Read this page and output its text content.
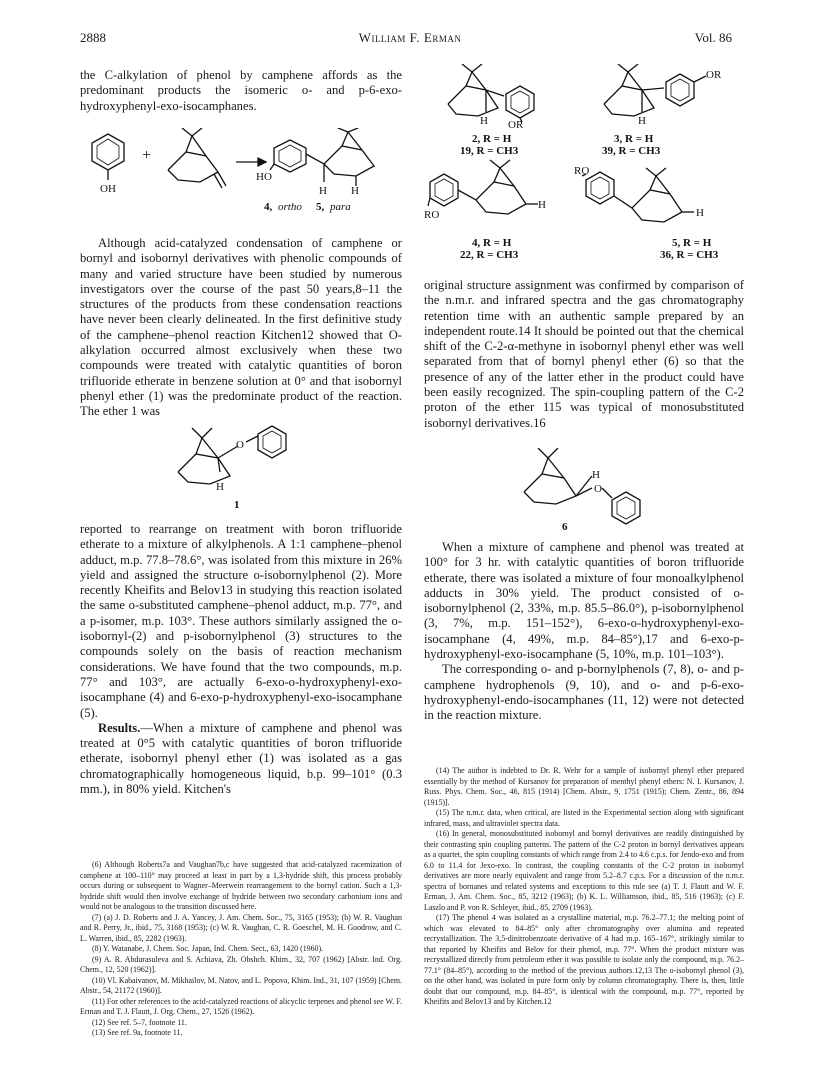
2888	William F. Erman	Vol. 86

the C-alkylation of phenol by camphene affords as the predominant products the isomeric o- and p-6-exo-hydroxyphenyl-exo-isocamphanes.

OH
+
HO
H H
4, ortho 5, para

Although acid-catalyzed condensation of camphene or bornyl and isobornyl derivatives with phenolic compounds of many and varied structure have been studied by numerous investigators over the course of the past 50 years,8–11 the structures of the products from these condensation reactions have never been clearly delineated. In the first definitive study of the camphene–phenol reaction Kitchen12 showed that O-alkylation occurred almost exclusively when these two compounds were treated with catalytic quantities of boron trifluoride etherate in benzene solution at 0° and that isobornyl phenyl ether (1) was the predominate product of the reaction. The ether 1 was

O
H
1

reported to rearrange on treatment with boron trifluoride etherate to a mixture of alkylphenols. A 1:1 camphene–phenol adduct, m.p. 77.8–78.6°, was isolated from this mixture in 26% yield and assigned the structure o-isobornylphenol (2). More recently Kheifits and Belov13 in studying this reaction isolated the same o-substituted camphene–phenol adduct, m.p. 77°, and a p-isomer, m.p. 103°. These authors similarly assigned the o-isobornyl-(2) and p-isobornylphenol (3) structures to the compounds solely on the basis of reaction mechanism considerations. We have found that the two compounds, m.p. 77° and 103°, are actually 6-exo-o-hydroxyphenyl-exo-isocamphane (4) and 6-exo-p-hydroxyphenyl-exo-isocamphane (5).

Results.—When a mixture of camphene and phenol was treated at 0°5 with catalytic quantities of boron trifluoride etherate, isobornyl phenyl ether (1) was isolated as a gas chromatographically homogeneous liquid, b.p. 99–101° (0.3 mm.), in 80% yield. Kitchen's

(6) Although Roberts7a and Vaughan7b,c have suggested that acid-catalyzed racemization of camphene at 100–110° may proceed at least in part by a 1,3-hydride shift, this process probably occurs during or subsequent to Wagner–Meerwein rearrangement to the bornyl cation. Such a 1,3-hydride shift would then involve exchange of hydride between two secondary carbonium ions and would not be analogous to the transition discussed here.

(7) (a) J. D. Roberts and J. A. Yancey, J. Am. Chem. Soc., 75, 3165 (1953); (b) W. R. Vaughan and R. Perry, Jr., ibid., 75, 3168 (1953); (c) W. R. Vaughan, C. R. Goeschel, M. H. Goodrow, and C. L. Warren, ibid., 85, 2282 (1963).

(8) Y. Watanabe, J. Chem. Soc. Japan, Ind. Chem. Sect., 63, 1420 (1960).

(9) A. R. Abdurasuleva and S. Achiava, Zh. Obshch. Khim., 32, 707 (1962) [Abstr. Ind. Org. Chem., 12, 520 (1962)].

(10) Vl. Kabaivanov, M. Mikhailov, M. Natov, and L. Popova, Khim. Ind., 31, 107 (1959) [Chem. Abstr., 54, 21172 (1960)].

(11) For other references to the acid-catalyzed reactions of alicyclic terpenes and phenol see W. F. Erman and T. J. Flautt, J. Org. Chem., 27, 1526 (1962).

(12) See ref. 5–7, footnote 11.

(13) See ref. 9a, footnote 11.

H OR
2, R = H
19, R = CH3
OR
H
3, R = H
39, R = CH3
RO
H
4, R = H
22, R = CH3
RO
H
5, R = H
36, R = CH3

original structure assignment was confirmed by comparison of the n.m.r. and infrared spectra and the gas chromatography retention time with an authentic sample prepared by an independent route.14 It should be pointed out that the chemical shift of the C-2-α-methyne in isobornyl phenyl ether was well separated from that of bornyl phenyl ether (6) so that the presence of any of the latter ether in the product could have been easily recognized. The spin-coupling pattern of the C-2 proton of the ether 115 was typical of monosubstituted isobornyl derivatives.16

H
O
6

When a mixture of camphene and phenol was treated at 100° for 3 hr. with catalytic quantities of boron trifluoride etherate, there was isolated a mixture of four monoalkylphenol adducts in 30% yield. The product consisted of o-isobornylphenol (2, 33%, m.p. 85.5–86.0°), p-isobornylphenol (3, 7%, m.p. 151–152°), 6-exo-o-hydroxyphenyl-exo-isocamphane (4, 49%, m.p. 84–85°),17 and 6-exo-p-hydroxyphenyl-exo-isocamphane (5, 10%, m.p. 101–103°).

The corresponding o- and p-bornylphenols (7, 8), o- and p-camphene hydrophenols (9, 10), and o- and p-6-exo-hydroxyphenyl-endo-isocamphanes (11, 12) were not detected in the reaction mixture.

(14) The author is indebted to Dr. R. Wehr for a sample of isobornyl phenyl ether prepared essentially by the method of Kursanov for preparation of menthyl phenyl ethers: N. I. Kursanov, J. Russ. Phys. Chem. Soc., 46, 815 (1914) [Chem. Abstr., 9, 1751 (1915); Chem. Zentr., 86, 894 (1915)].

(15) The n.m.r. data, when critical, are listed in the Experimental section along with significant infrared, mass, and ultraviolet spectra data.

(16) In general, monosubstituted isobornyl and bornyl derivatives are readily distinguished by their contrasting spin coupling patterns. The pattern of the C-2 proton in bornyl derivatives appears as a quartet, the spin coupling constants of which range from 2.4 to 4.6 c.p.s. for Jendo-exo and from 6.0 to 11.4 for Jexo-exo. In contrast, the coupling constants of the C-2 proton in isobornyl derivatives are more nearly equivalent and range from 5.2–8.7 c.p.s. For a discussion of the n.m.r. spectra of bornanes and related systems and exceptions to this rule see (a) T. J. Flautt and W. F. Erman, J. Am. Chem. Soc., 85, 3212 (1963); (b) K. L. Williamson, ibid., 85, 516 (1963); (c) F. Laszlo and P. von R. Schleyer, ibid., 85, 2709 (1963).

(17) The phenol 4 was isolated as a crystalline material, m.p. 76.2–77.1; the melting point of which was elevated to 84–85° only after chromatography over alumina and repeated recrystallization. The 3,5-dinitrobenzoate derivative of 4 had m.p. 165–167°, strikingly similar to that reported by Kheifits and Belov for their phenol, m.p. 77°. When the product mixture was recrystallized directly from petroleum ether it was possible to isolate only the compound, m.p. 76.2–77.1° (84–85°), according to the method of the previous authors.12,13 The o-isobornyl phenol (3), on the other hand, was isolated in pure form only by column chromatography. There is, then, little doubt that our compound, m.p. 84–85°, is identical with the compound, m.p. 77°, reported by Kheifits and Belov13 and by Kitchen.12
